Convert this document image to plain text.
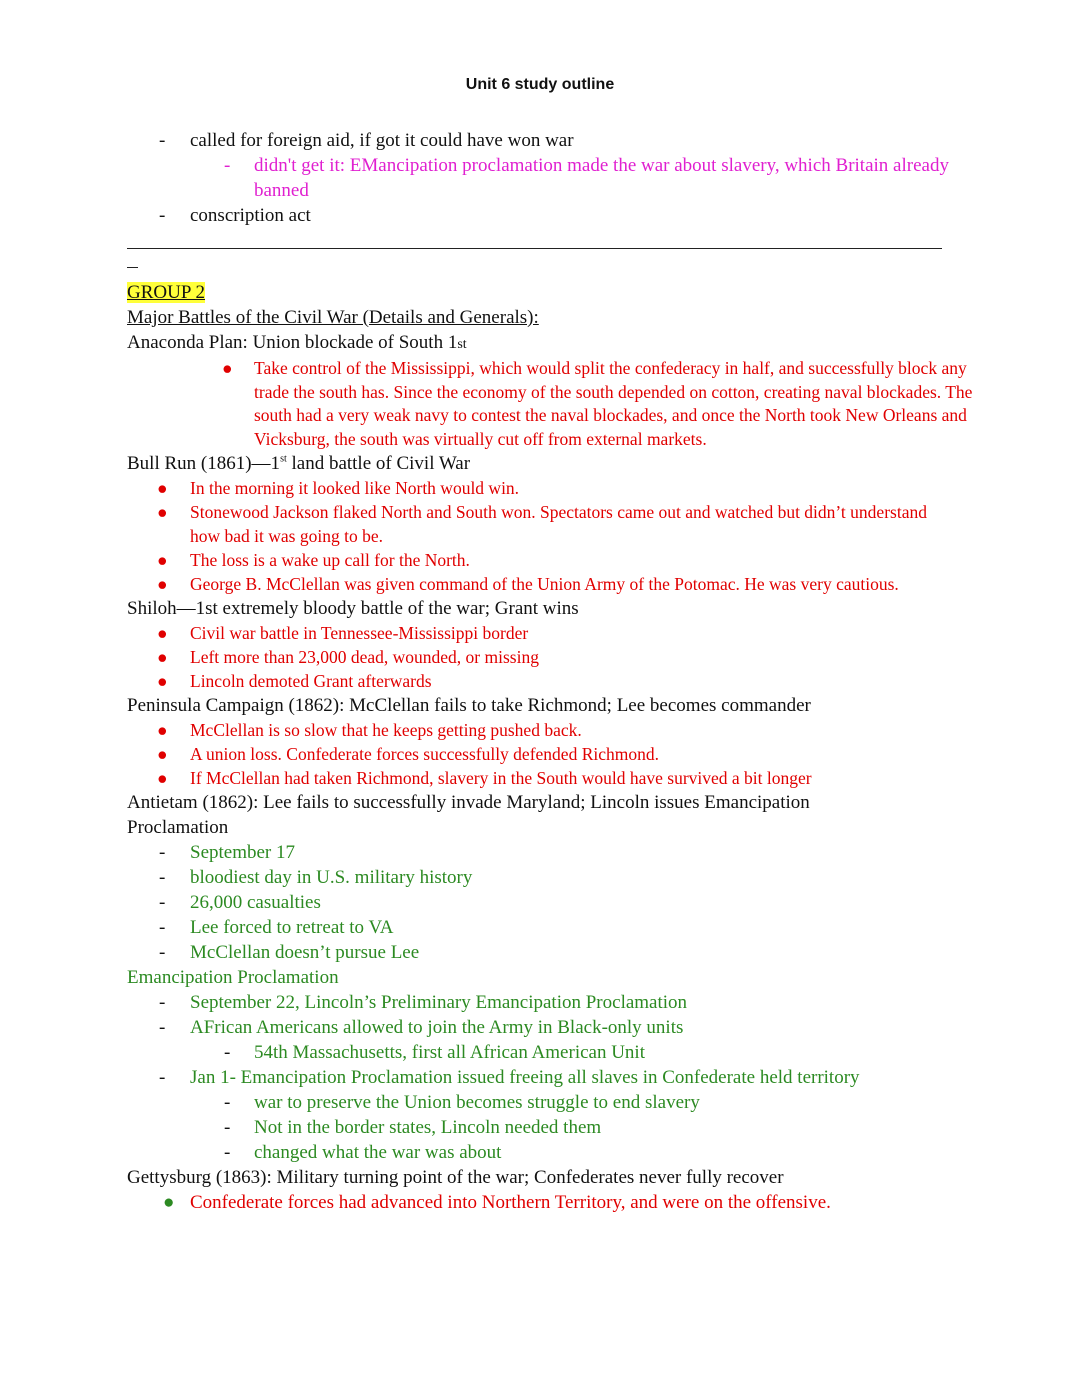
Unit 6 study outline
- called for foreign aid, if got it could have won war
- didn't get it: EMancipation proclamation made the war about slavery, which Britain already banned
- conscription act
GROUP 2
Major Battles of the Civil War (Details and Generals):
Anaconda Plan: Union blockade of South 1st
● Take control of the Mississippi, which would split the confederacy in half, and successfully block any trade the south has. Since the economy of the south depended on cotton, creating naval blockades. The south had a very weak navy to contest the naval blockades, and once the North took New Orleans and Vicksburg, the south was virtually cut off from external markets.
Bull Run (1861)—1st land battle of Civil War
● In the morning it looked like North would win.
● Stonewood Jackson flaked North and South won. Spectators came out and watched but didn’t understand how bad it was going to be.
● The loss is a wake up call for the North.
● George B. McClellan was given command of the Union Army of the Potomac. He was very cautious.
Shiloh—1st extremely bloody battle of the war; Grant wins
● Civil war battle in Tennessee-Mississippi border
● Left more than 23,000 dead, wounded, or missing
● Lincoln demoted Grant afterwards
Peninsula Campaign (1862): McClellan fails to take Richmond; Lee becomes commander
● McClellan is so slow that he keeps getting pushed back.
● A union loss. Confederate forces successfully defended Richmond.
● If McClellan had taken Richmond, slavery in the South would have survived a bit longer
Antietam (1862): Lee fails to successfully invade Maryland; Lincoln issues Emancipation
Proclamation
- September 17
- bloodiest day in U.S. military history
- 26,000 casualties
- Lee forced to retreat to VA
- McClellan doesn’t pursue Lee
Emancipation Proclamation
- September 22, Lincoln’s Preliminary Emancipation Proclamation
- AFrican Americans allowed to join the Army in Black-only units
- 54th Massachusetts, first all African American Unit
- Jan 1- Emancipation Proclamation issued freeing all slaves in Confederate held territory
- war to preserve the Union becomes struggle to end slavery
- Not in the border states, Lincoln needed them
- changed what the war was about
Gettysburg (1863): Military turning point of the war; Confederates never fully recover
● Confederate forces had advanced into Northern Territory, and were on the offensive.
